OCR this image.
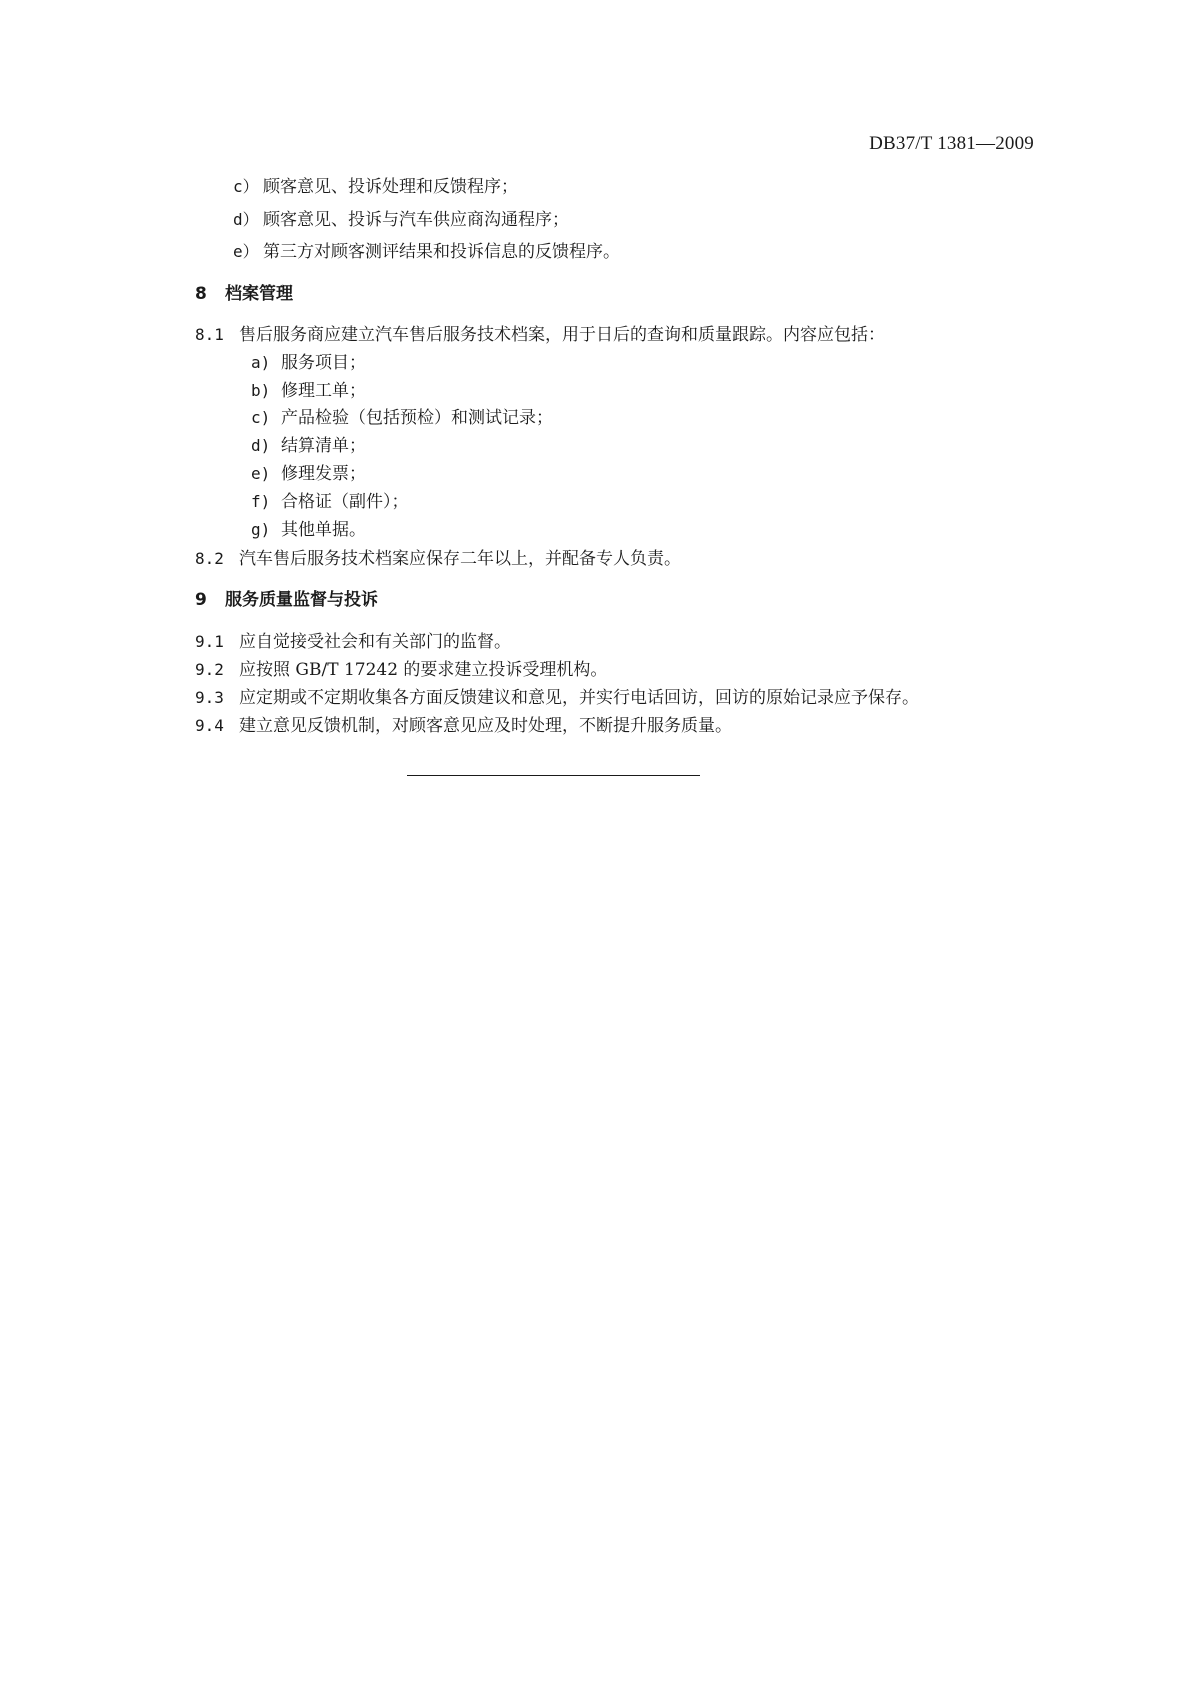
DB37/T 1381—2009
c） 顾客意见、投诉处理和反馈程序；
d） 顾客意见、投诉与汽车供应商沟通程序；
e） 第三方对顾客测评结果和投诉信息的反馈程序。
8 档案管理
8.1 售后服务商应建立汽车售后服务技术档案，用于日后的查询和质量跟踪。内容应包括：
a) 服务项目；
b) 修理工单；
c) 产品检验（包括预检）和测试记录；
d) 结算清单；
e) 修理发票；
f) 合格证（副件）；
g) 其他单据。
8.2 汽车售后服务技术档案应保存二年以上，并配备专人负责。
9 服务质量监督与投诉
9.1 应自觉接受社会和有关部门的监督。
9.2 应按照 GB/T 17242 的要求建立投诉受理机构。
9.3 应定期或不定期收集各方面反馈建议和意见，并实行电话回访，回访的原始记录应予保存。
9.4 建立意见反馈机制，对顾客意见应及时处理，不断提升服务质量。
